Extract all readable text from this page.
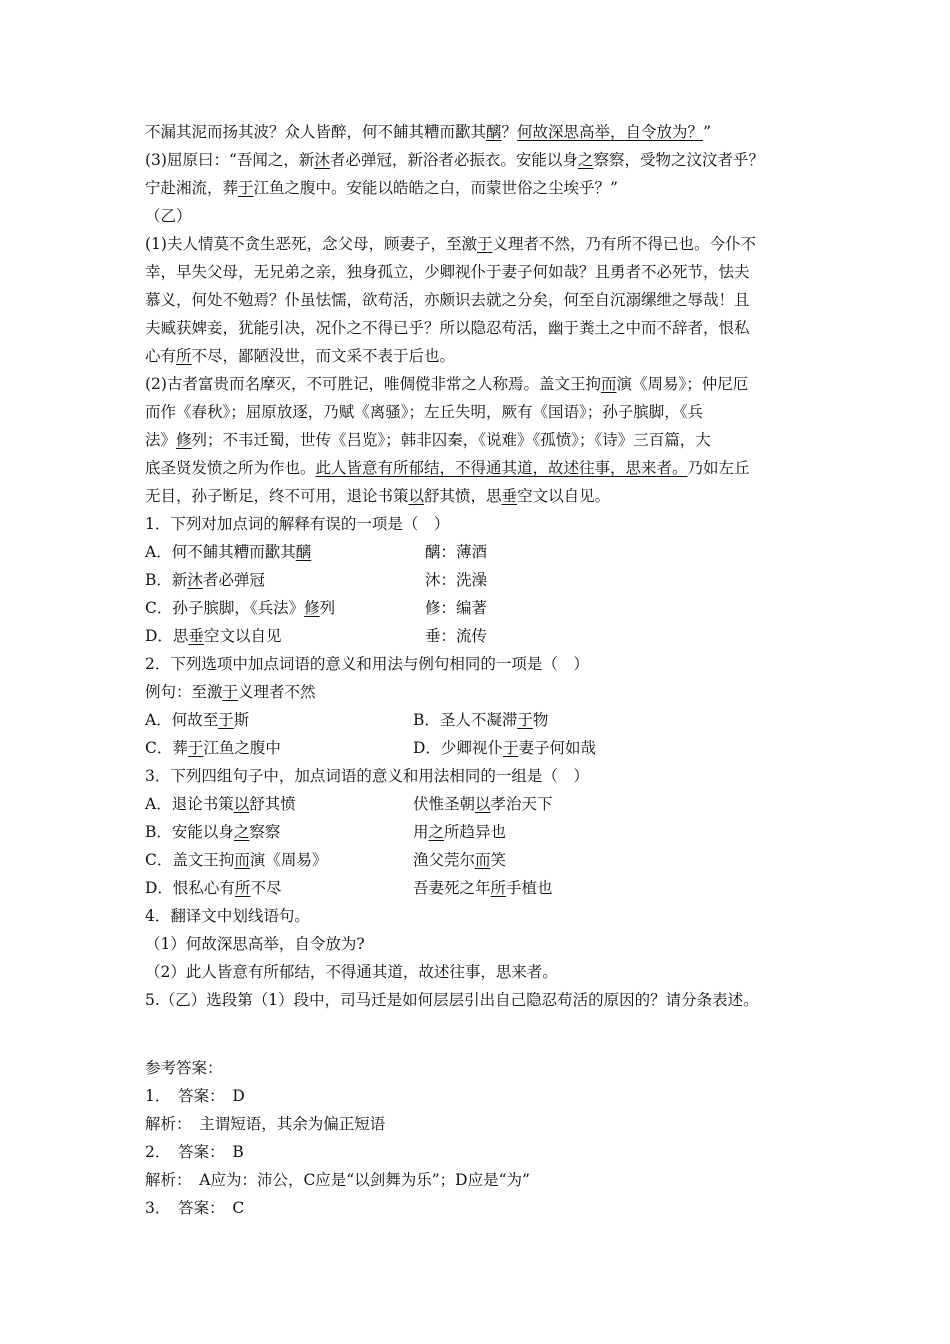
不漏其泥而扬其波？众人皆醉，何不餔其糟而歠其醨？何故深思高举，自令放为？”
(3)屈原曰：“吾闻之，新沐者必弹冠，新浴者必振衣。安能以身之察察，受物之汶汶者乎？
宁赴湘流，葬于江鱼之腹中。安能以皓皓之白，而蒙世俗之尘埃乎？”
（乙）
(1)夫人情莫不贪生恶死，念父母，顾妻子，至激于义理者不然，乃有所不得已也。今仆不
幸，早失父母，无兄弟之亲，独身孤立，少卿视仆于妻子何如哉？且勇者不必死节，怯夫
慕义，何处不勉焉？仆虽怯懦，欲苟活，亦颇识去就之分矣，何至自沉溺缧绁之辱哉！且
夫臧获婢妾，犹能引决，况仆之不得已乎？所以隐忍苟活，幽于粪土之中而不辞者，恨私
心有所不尽，鄙陋没世，而文采不表于后也。
(2)古者富贵而名摩灭，不可胜记，唯倜傥非常之人称焉。盖文王拘而演《周易》；仲尼厄
而作《春秋》；屈原放逐，乃赋《离骚》；左丘失明，厥有《国语》；孙子膑脚，《兵
法》修列；不韦迁蜀，世传《吕览》；韩非囚秦，《说难》《孤愤》；《诗》三百篇，大
底圣贤发愤之所为作也。此人皆意有所郁结，不得通其道，故述往事，思来者。乃如左丘
无目，孙子断足，终不可用，退论书策以舒其愤，思垂空文以自见。
1．下列对加点词的解释有误的一项是（　）
A．何不餔其糟而歠其醨	醨：薄酒
B．新沐者必弹冠	沐：洗澡
C．孙子膑脚，《兵法》修列	修：编著
D．思垂空文以自见	垂：流传
2．下列选项中加点词语的意义和用法与例句相同的一项是（　）
例句：至激于义理者不然
A．何故至于斯	B．圣人不凝滞于物
C．葬于江鱼之腹中	D．少卿视仆于妻子何如哉
3．下列四组句子中，加点词语的意义和用法相同的一组是（　）
A．退论书策以舒其愤	伏惟圣朝以孝治天下
B．安能以身之察察	用之所趋异也
C．盖文王拘而演《周易》	渔父莞尔而笑
D．恨私心有所不尽	吾妻死之年所手植也
4．翻译文中划线语句。
（1）何故深思高举，自令放为?
（2）此人皆意有所郁结，不得通其道，故述往事，思来者。
5.（乙）选段第（1）段中，司马迁是如何层层引出自己隐忍苟活的原因的？请分条表述。
参考答案：
1．　答案：　D
解析：　主谓短语，其余为偏正短语
2．　答案：　B
解析：　A应为：沛公，C应是“以剑舞为乐”；D应是“为”
3．　答案：　C
